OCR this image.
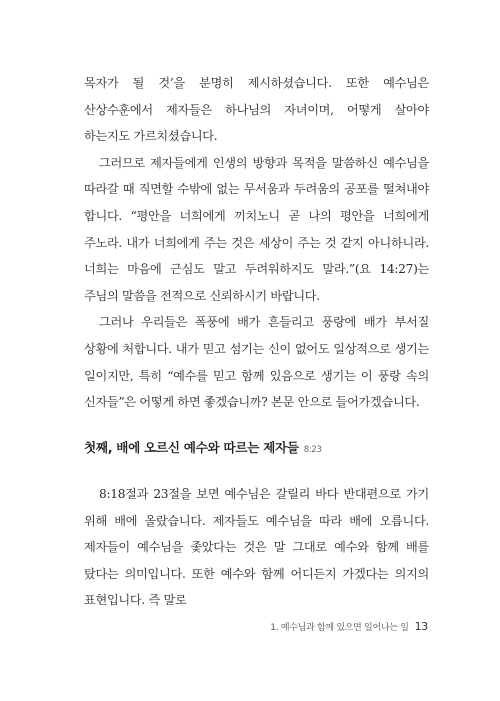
목자가 될 것’을 분명히 제시하셨습니다. 또한 예수님은 산상수훈에서 제자들은 하나님의 자녀이며, 어떻게 살아야 하는지도 가르치셨습니다.

그러므로 제자들에게 인생의 방향과 목적을 말씀하신 예수님을 따라갈 때 직면할 수밖에 없는 무서움과 두려움의 공포를 떨쳐내야 합니다. “평안을 너희에게 끼치노니 곧 나의 평안을 너희에게 주노라. 내가 너희에게 주는 것은 세상이 주는 것 같지 아니하니라. 너희는 마음에 근심도 말고 두려워하지도 말라.”(요 14:27)는 주님의 말씀을 전적으로 신뢰하시기 바랍니다.

그러나 우리들은 폭풍에 배가 흔들리고 풍랑에 배가 부서질 상황에 처합니다. 내가 믿고 섬기는 신이 없어도 일상적으로 생기는 일이지만, 특히 “예수를 믿고 함께 있음으로 생기는 이 풍랑 속의 신자들”은 어떻게 하면 좋겠습니까? 본문 안으로 들어가겠습니다.

첫째, 배에 오르신 예수와 따르는 제자들 8:23

8:18절과 23절을 보면 예수님은 갈릴리 바다 반대편으로 가기 위해 배에 올랐습니다. 제자들도 예수님을 따라 배에 오릅니다. 제자들이 예수님을 좇았다는 것은 말 그대로 예수와 함께 배를 탔다는 의미입니다. 또한 예수와 함께 어디든지 가겠다는 의지의 표현입니다. 즉 말로

1. 예수님과 함께 있으면 일어나는 일 13
